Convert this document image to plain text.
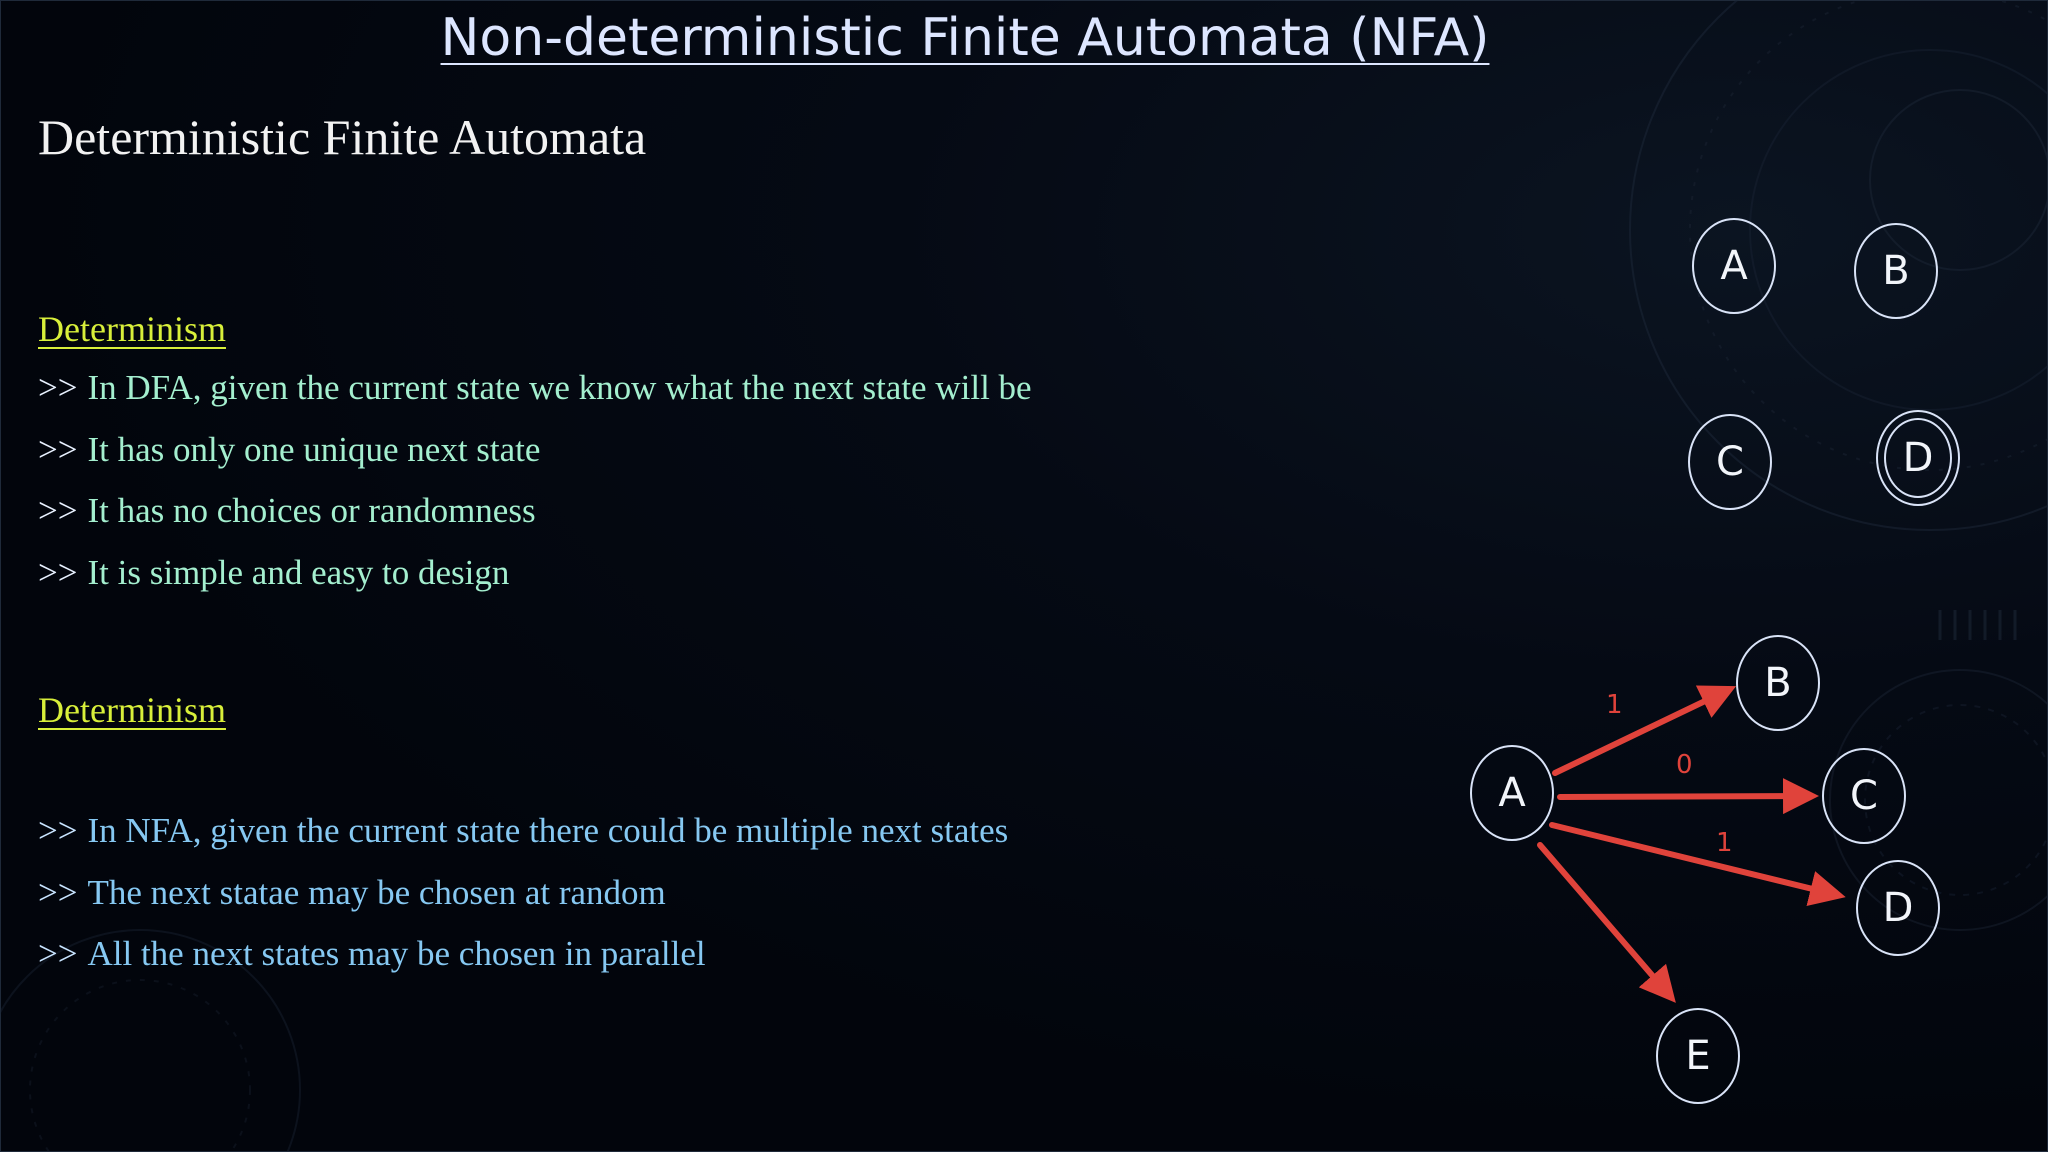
Non-deterministic Finite Automata (NFA)
Deterministic Finite Automata
Determinism
>> In DFA, given the current state we know what the next state will be
>> It has only one unique next state
>> It has no choices or randomness
>> It is simple and easy to design
Determinism
>> In NFA, given the current state there could be multiple next states
>> The next statae may be chosen at random
>> All the next states may be chosen in parallel
A	B
C	D
1
0
1
A
B
C
D
E
